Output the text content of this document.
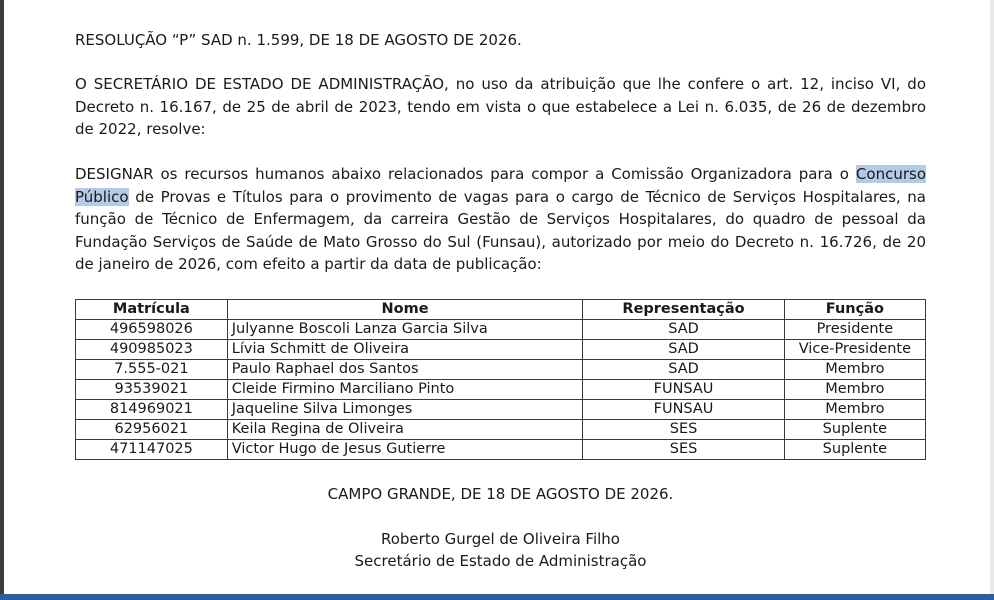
RESOLUÇÃO “P” SAD n. 1.599, DE 18 DE AGOSTO DE 2026.

O SECRETÁRIO DE ESTADO DE ADMINISTRAÇÃO, no uso da atribuição que lhe confere o art. 12, inciso VI, do Decreto n. 16.167, de 25 de abril de 2023, tendo em vista o que estabelece a Lei n. 6.035, de 26 de dezembro de 2022, resolve:

DESIGNAR os recursos humanos abaixo relacionados para compor a Comissão Organizadora para o Concurso Público de Provas e Títulos para o provimento de vagas para o cargo de Técnico de Serviços Hospitalares, na função de Técnico de Enfermagem, da carreira Gestão de Serviços Hospitalares, do quadro de pessoal da Fundação Serviços de Saúde de Mato Grosso do Sul (Funsau), autorizado por meio do Decreto n. 16.726, de 20 de janeiro de 2026, com efeito a partir da data de publicação:

Matrícula	Nome	Representação	Função
496598026	Julyanne Boscoli Lanza Garcia Silva	SAD	Presidente
490985023	Lívia Schmitt de Oliveira	SAD	Vice-Presidente
7.555-021	Paulo Raphael dos Santos	SAD	Membro
93539021	Cleide Firmino Marciliano Pinto	FUNSAU	Membro
814969021	Jaqueline Silva Limonges	FUNSAU	Membro
62956021	Keila Regina de Oliveira	SES	Suplente
471147025	Victor Hugo de Jesus Gutierre	SES	Suplente
CAMPO GRANDE, DE 18 DE AGOSTO DE 2026.
Roberto Gurgel de Oliveira Filho
Secretário de Estado de Administração
